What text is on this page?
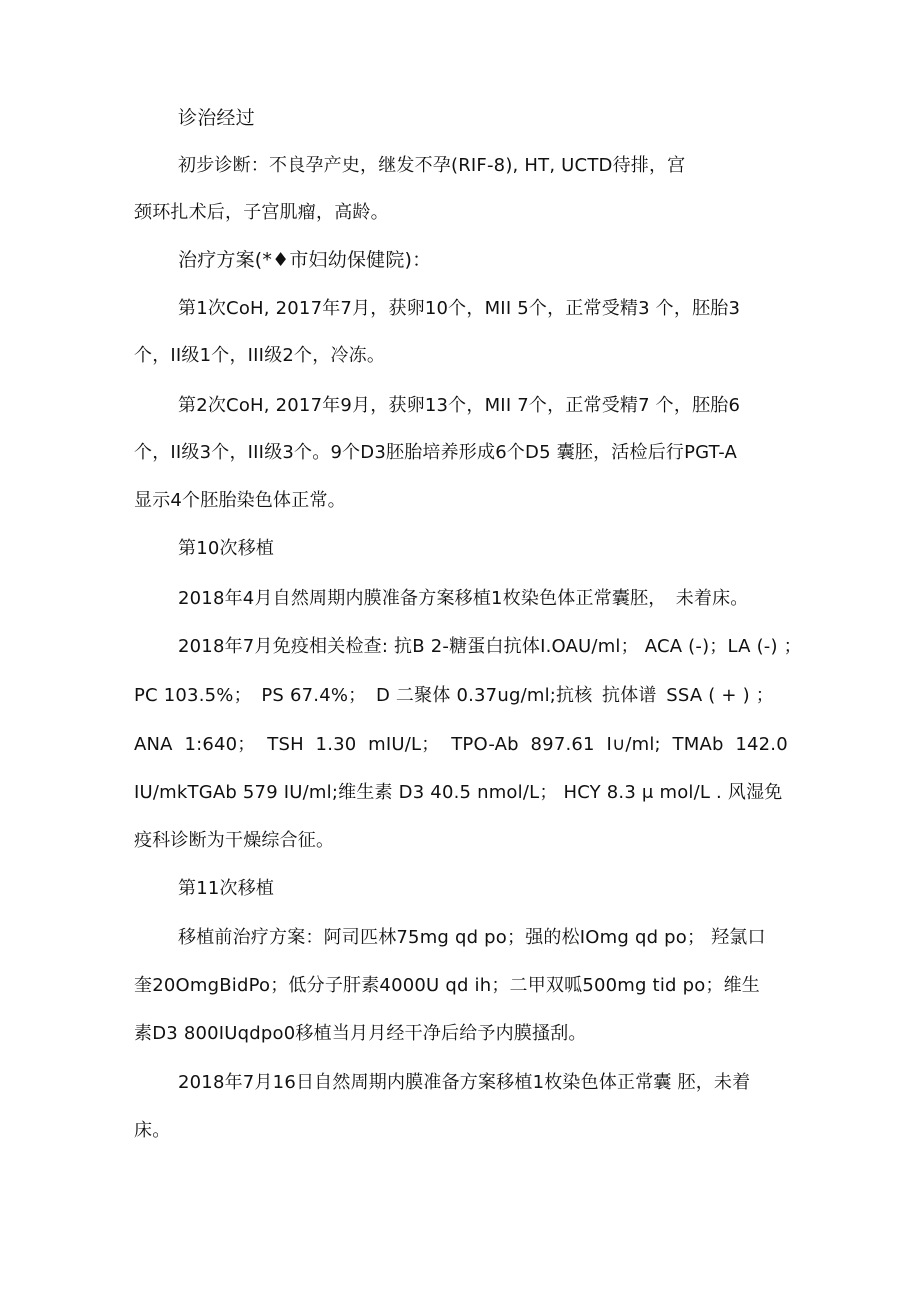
诊治经过
初步诊断：不良孕产史，继发不孕(RIF-8), HT, UCTD待排，宫
颈环扎术后，子宫肌瘤，高龄。
治疗方案(*♦市妇幼保健院)：
第1次CoH, 2017年7月，获卵10个，MII 5个，正常受精3 个，胚胎3
个，II级1个，III级2个，冷冻。
第2次CoH, 2017年9月，获卵13个，MII 7个，正常受精7 个，胚胎6
个，II级3个，III级3个。9个D3胚胎培养形成6个D5 囊胚，活检后行PGT-A
显示4个胚胎染色体正常。
第10次移植
2018年4月自然周期内膜准备方案移植1枚染色体正常囊胚，　未着床。
2018年7月免疫相关检查: 抗B 2-糖蛋白抗体I.OAU/ml； ACA (-)；LA (-) ；
PC 103.5%； PS 67.4%； D 二聚体 0.37ug/ml;抗核 抗体谱 SSA ( + ) ；
ANA 1:640； TSH 1.30 mIU/L； TPO-Ab 897.61 I∪/ml; TMAb 142.0
IU/mkTGAb 579 IU/ml;维生素 D3 40.5 nmol/L； HCY 8.3 μ mol/L . 风湿免
疫科诊断为干燥综合征。
第11次移植
移植前治疗方案：阿司匹林75mg qd po；强的松IOmg qd po； 羟氯口
奎20OmgBidPo；低分子肝素4000U qd ih；二甲双呱500mg tid po；维生
素D3 800IUqdpo0移植当月月经干净后给予内膜搔刮。
2018年7月16日自然周期内膜准备方案移植1枚染色体正常囊 胚，未着
床。
